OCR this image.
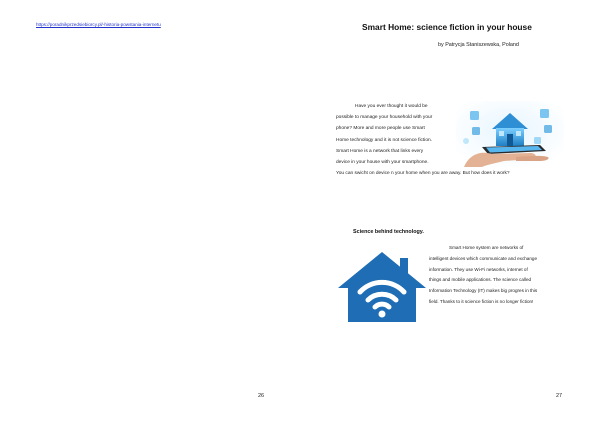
https://poradnikprzedsiebiorcy.pl/-historia-powstania-internetu
26
Smart Home: science fiction in your house
by Patrycja Staniszewska, Poland
Have you ever thought it would be
possible to manage your household with your
phone? More and more people use Smart
Home technology and it is not science fiction.
Smart Home is a network that links every
device in your house with your smartphone.
You can swicht on device n your home when you are away. But how does it work?
Science behind technology.
Smart Home system are networks of
intelligent devices which communicate and exchange
information. They use Wi-Fi networks, internet of
things and mobile applications. The science called
Information Technology (IT) makes big progres in this
field. Thanks to it science fiction is no longer fiction!
27
